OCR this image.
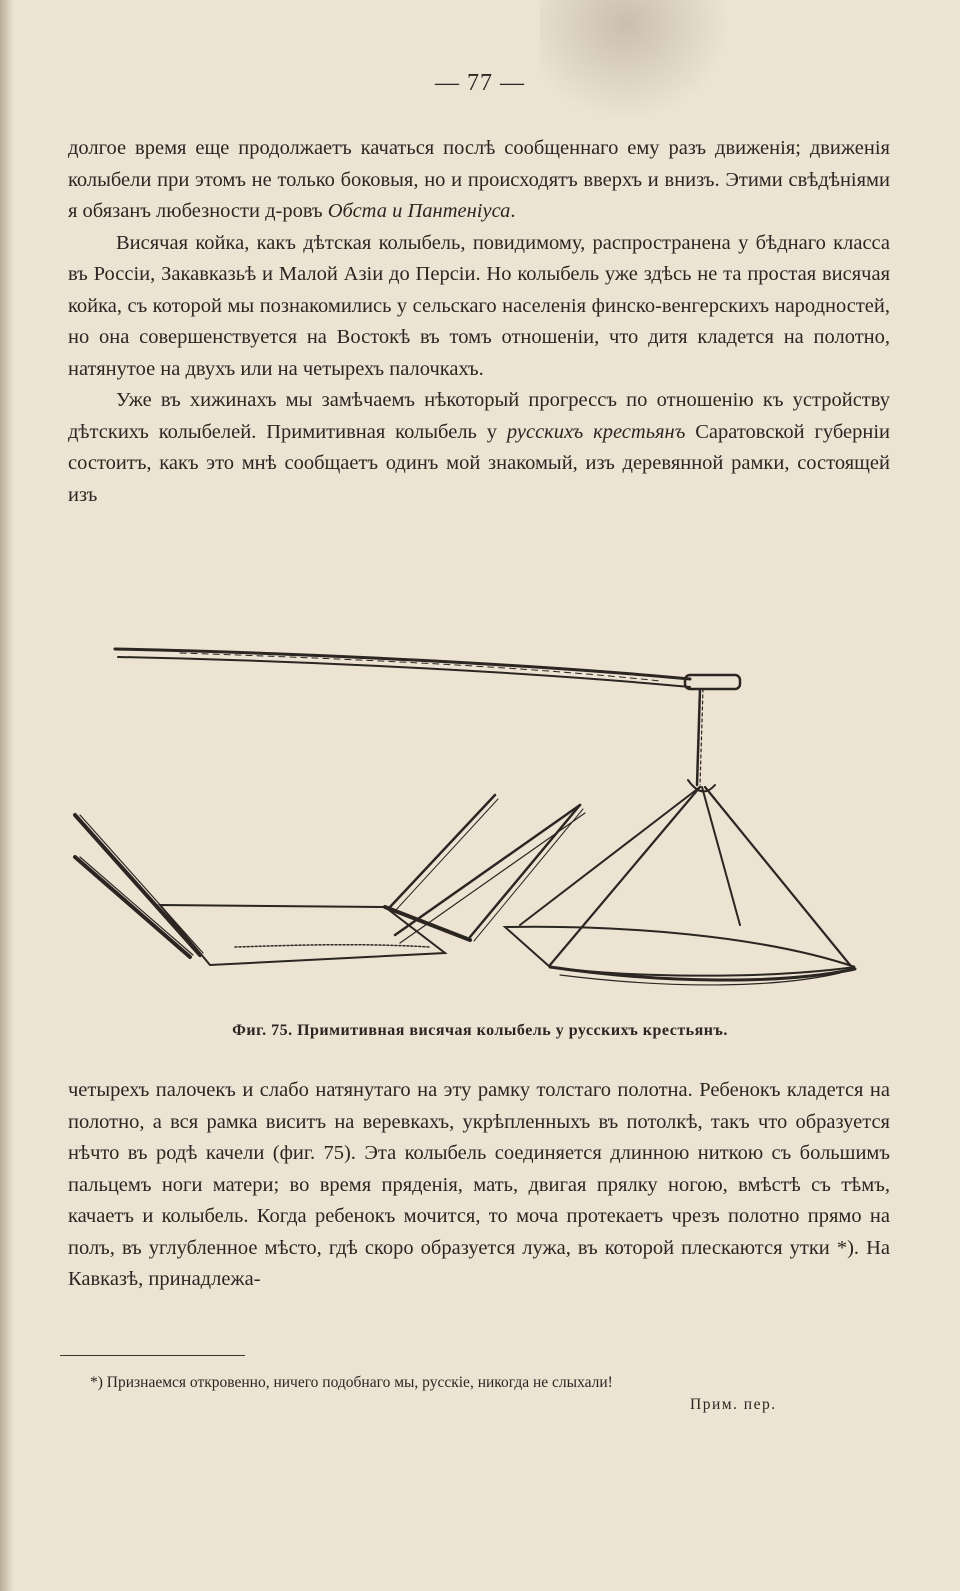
— 77 —

долгое время еще продолжаетъ качаться послѣ сообщеннаго ему разъ движенія; движенія колыбели при этомъ не только боковыя, но и происходятъ вверхъ и внизъ. Этими свѣдѣніями я обязанъ любезности д-ровъ Обста и Пантеніуса.

Висячая койка, какъ дѣтская колыбель, повидимому, распространена у бѣднаго класса въ Россіи, Закавказьѣ и Малой Азіи до Персіи. Но колыбель уже здѣсь не та простая висячая койка, съ которой мы познакомились у сельскаго населенія финско-венгерскихъ народностей, но она совершенствуется на Востокѣ въ томъ отношеніи, что дитя кладется на полотно, натянутое на двухъ или на четырехъ палочкахъ.

Уже въ хижинахъ мы замѣчаемъ нѣкоторый прогрессъ по отношенію къ устройству дѣтскихъ колыбелей. Примитивная колыбель у русскихъ крестьянъ Саратовской губерніи состоитъ, какъ это мнѣ сообщаетъ одинъ мой знакомый, изъ деревянной рамки, состоящей изъ

Фиг. 75. Примитивная висячая колыбель у русскихъ крестьянъ.

четырехъ палочекъ и слабо натянутаго на эту рамку толстаго полотна. Ребенокъ кладется на полотно, а вся рамка виситъ на веревкахъ, укрѣпленныхъ въ потолкѣ, такъ что образуется нѣчто въ родѣ качели (фиг. 75). Эта колыбель соединяется длинною ниткою съ большимъ пальцемъ ноги матери; во время пряденія, мать, двигая прялку ногою, вмѣстѣ съ тѣмъ, качаетъ и колыбель. Когда ребенокъ мочится, то моча протекаетъ чрезъ полотно прямо на полъ, въ углубленное мѣсто, гдѣ скоро образуется лужа, въ которой плескаются утки *). На Кавказѣ, принадлежа-

*) Признаемся откровенно, ничего подобнаго мы, русскіе, никогда не слыхали!
Прим. пер.
